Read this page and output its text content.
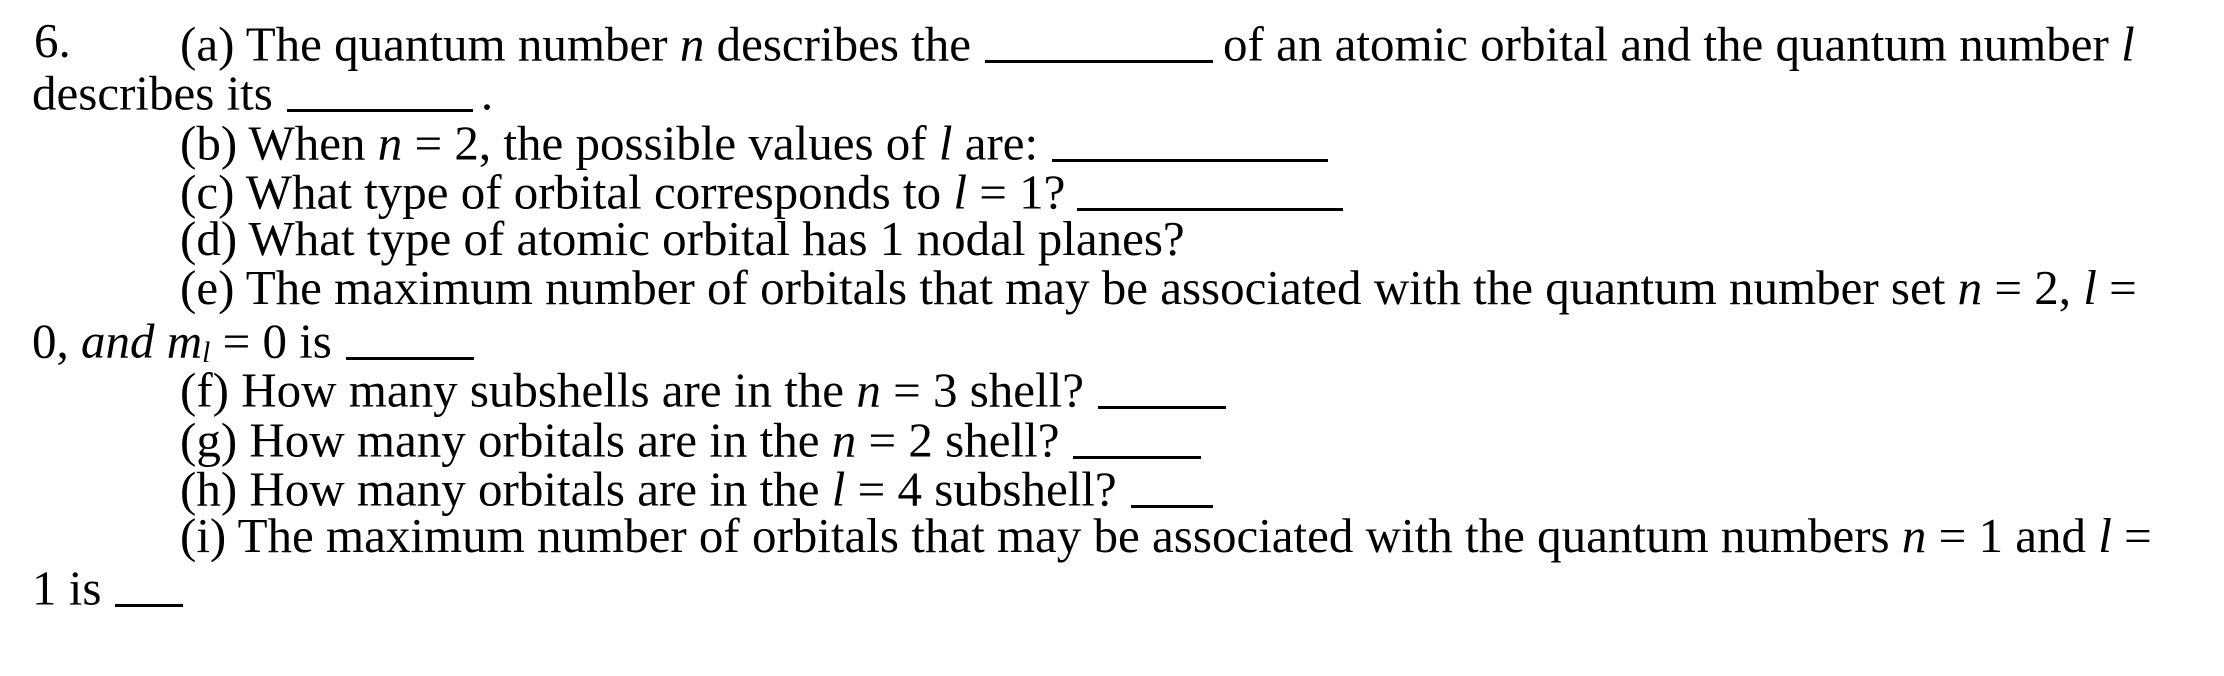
6. (a) The quantum number n describes the	of an atomic orbital and the quantum number l
describes its	.
(b) When n = 2, the possible values of l are:
(c) What type of orbital corresponds to l = 1?
(d) What type of atomic orbital has 1 nodal planes?
(e) The maximum number of orbitals that may be associated with the quantum number set n = 2, l =
0, and ml = 0 is
(f) How many subshells are in the n = 3 shell?
(g) How many orbitals are in the n = 2 shell?
(h) How many orbitals are in the l = 4 subshell?
(i) The maximum number of orbitals that may be associated with the quantum numbers n = 1 and l =
1 is
